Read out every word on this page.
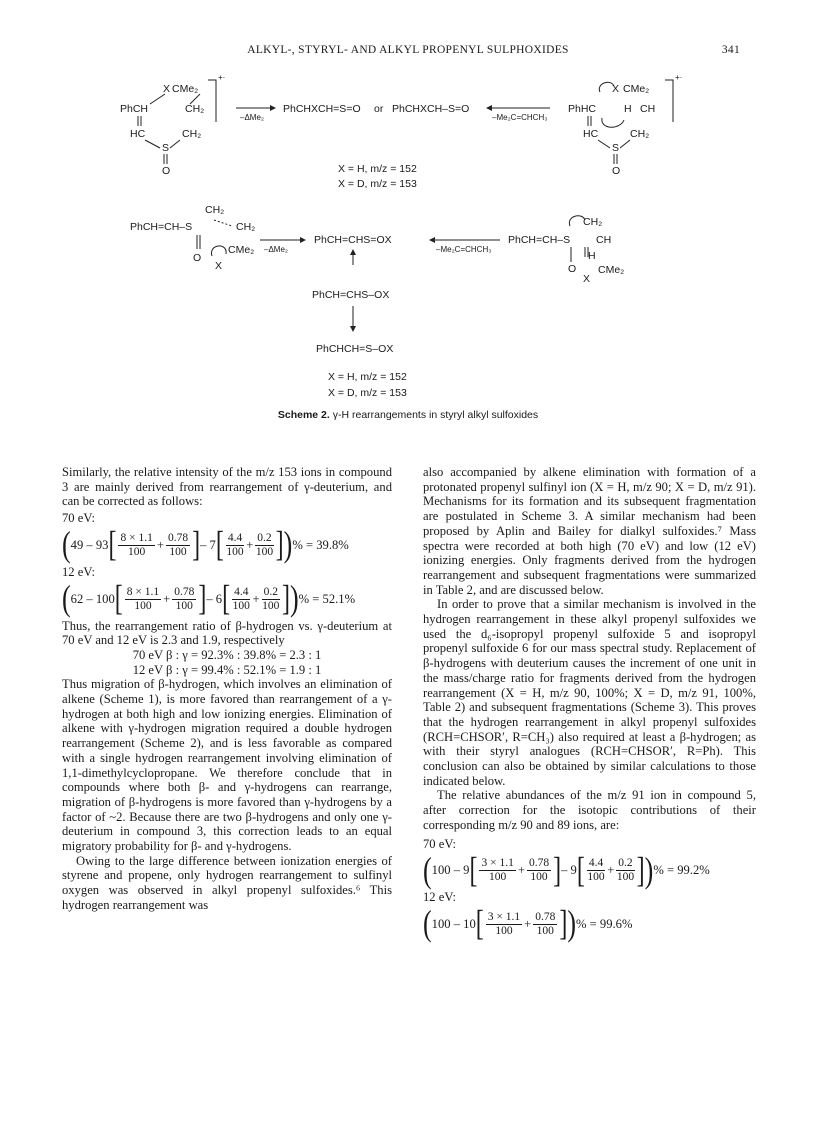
ALKYL-, STYRYL- AND ALKYL PROPENYL SULPHOXIDES	341
X CMe₂
PhCH	CH₂
HC	CH₂
S
O
+·
–ΔMe₂
PhCHXCH=S=O or PhCHXCH–S=O
–Me₂C=CHCH₃
X CMe₂
PhHC	H CH
HC	CH₂
S
O
+·
X = H, m/z = 152
X = D, m/z = 153
PhCH=CH–S
CH₂
CH₂
CMe₂
O
X
–ΔMe₂
PhCH=CHS=OX
–Me₂C=CHCH₃
PhCH=CH–S
CH₂
CH
H
O CMe₂
X
PhCH=CHS–OX
PhCHCH=S–OX
X = H, m/z = 152
X = D, m/z = 153
Scheme 2. γ-H rearrangements in styryl alkyl sulfoxides

Similarly, the relative intensity of the m/z 153 ions in compound 3 are mainly derived from rearrangement of γ-deuterium, and can be corrected as follows:

70 eV:

( 49 – 93 [ $\frac{8 \times 1.1}{100} + \frac{0.78}{100}$ ] – 7 [ $\frac{4.4}{100} + \frac{0.2}{100}$ ] ) % = 39.8%

12 eV:

( 62 – 100 [ $\frac{8 \times 1.1}{100} + \frac{0.78}{100}$ ] – 6 [ $\frac{4.4}{100} + \frac{0.2}{100}$ ] ) % = 52.1%

Thus, the rearrangement ratio of β-hydrogen vs. γ-deuterium at 70 eV and 12 eV is 2.3 and 1.9, respectively

70 eV β : γ = 92.3% : 39.8% = 2.3 : 1

12 eV β : γ = 99.4% : 52.1% = 1.9 : 1

Thus migration of β-hydrogen, which involves an elimination of alkene (Scheme 1), is more favored than rearrangement of a γ-hydrogen at both high and low ionizing energies. Elimination of alkene with γ-hydrogen migration required a double hydrogen rearrangement (Scheme 2), and is less favorable as compared with a single hydrogen rearrangement involving elimination of 1,1-dimethylcyclopropane. We therefore conclude that in compounds where both β- and γ-hydrogens can rearrange, migration of β-hydrogens is more favored than γ-hydrogens by a factor of ~2. Because there are two β-hydrogens and only one γ-deuterium in compound 3, this correction leads to an equal migratory probability for β- and γ-hydrogens.

Owing to the large difference between ionization energies of styrene and propene, only hydrogen rearrangement to sulfinyl oxygen was observed in alkyl propenyl sulfoxides.⁶ This hydrogen rearrangement was

also accompanied by alkene elimination with formation of a protonated propenyl sulfinyl ion (X = H, m/z 90; X = D, m/z 91). Mechanisms for its formation and its subsequent fragmentation are postulated in Scheme 3. A similar mechanism had been proposed by Aplin and Bailey for dialkyl sulfoxides.⁷ Mass spectra were recorded at both high (70 eV) and low (12 eV) ionizing energies. Only fragments derived from the hydrogen rearrangement and subsequent fragmentations were summarized in Table 2, and are discussed below.

In order to prove that a similar mechanism is involved in the hydrogen rearrangement in these alkyl propenyl sulfoxides we used the d₆-isopropyl propenyl sulfoxide 5 and isopropyl propenyl sulfoxide 6 for our mass spectral study. Replacement of β-hydrogens with deuterium causes the increment of one unit in the mass/charge ratio for fragments derived from the hydrogen rearrangement (X = H, m/z 90, 100%; X = D, m/z 91, 100%, Table 2) and subsequent fragmentations (Scheme 3). This proves that the hydrogen rearrangement in alkyl propenyl sulfoxides (RCH=CHSOR′, R=CH₃) also required at least a β-hydrogen; as with their styryl analogues (RCH=CHSOR′, R=Ph). This conclusion can also be obtained by similar calculations to those indicated below.

The relative abundances of the m/z 91 ion in compound 5, after correction for the isotopic contributions of their corresponding m/z 90 and 89 ions, are:

70 eV:

( 100 – 9 [ $\frac{3 \times 1.1}{100} + \frac{0.78}{100}$ ] – 9 [ $\frac{4.4}{100} + \frac{0.2}{100}$ ] ) % = 99.2%

12 eV:

( 100 – 10 [ $\frac{3 \times 1.1}{100} + \frac{0.78}{100}$ ] ) % = 99.6%
